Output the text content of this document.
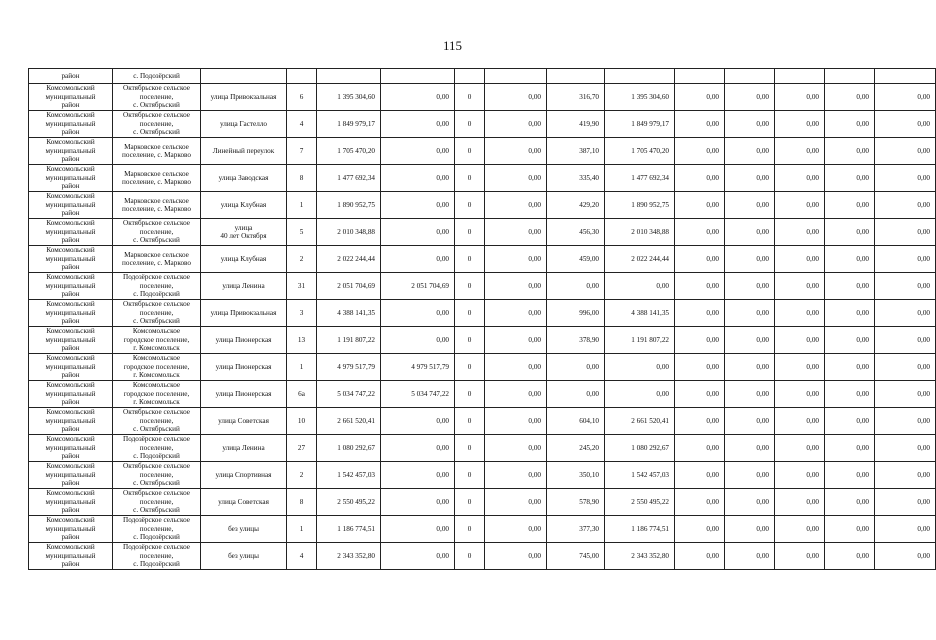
115
район	с. Подозёрский													
Комсомольский
муниципальный
район	Октябрьское сельское
поселение,
с. Октябрьский	улица Привокзальная	6	1 395 304,60	0,00	0	0,00	316,70	1 395 304,60	0,00	0,00	0,00	0,00	0,00
Комсомольский
муниципальный
район	Октябрьское сельское
поселение,
с. Октябрьский	улица Гастелло	4	1 849 979,17	0,00	0	0,00	419,90	1 849 979,17	0,00	0,00	0,00	0,00	0,00
Комсомольский
муниципальный
район	Марковское сельское
поселение, с. Марково	Линейный переулок	7	1 705 470,20	0,00	0	0,00	387,10	1 705 470,20	0,00	0,00	0,00	0,00	0,00
Комсомольский
муниципальный
район	Марковское сельское
поселение, с. Марково	улица Заводская	8	1 477 692,34	0,00	0	0,00	335,40	1 477 692,34	0,00	0,00	0,00	0,00	0,00
Комсомольский
муниципальный
район	Марковское сельское
поселение, с. Марково	улица Клубная	1	1 890 952,75	0,00	0	0,00	429,20	1 890 952,75	0,00	0,00	0,00	0,00	0,00
Комсомольский
муниципальный
район	Октябрьское сельское
поселение,
с. Октябрьский	улица
40 лет Октября	5	2 010 348,88	0,00	0	0,00	456,30	2 010 348,88	0,00	0,00	0,00	0,00	0,00
Комсомольский
муниципальный
район	Марковское сельское
поселение, с. Марково	улица Клубная	2	2 022 244,44	0,00	0	0,00	459,00	2 022 244,44	0,00	0,00	0,00	0,00	0,00
Комсомольский
муниципальный
район	Подозёрское сельское
поселение,
с. Подозёрский	улица Ленина	31	2 051 704,69	2 051 704,69	0	0,00	0,00	0,00	0,00	0,00	0,00	0,00	0,00
Комсомольский
муниципальный
район	Октябрьское сельское
поселение,
с. Октябрьский	улица Привокзальная	3	4 388 141,35	0,00	0	0,00	996,00	4 388 141,35	0,00	0,00	0,00	0,00	0,00
Комсомольский
муниципальный
район	Комсомольское
городское поселение,
г. Комсомольск	улица Пионерская	13	1 191 807,22	0,00	0	0,00	378,90	1 191 807,22	0,00	0,00	0,00	0,00	0,00
Комсомольский
муниципальный
район	Комсомольское
городское поселение,
г. Комсомольск	улица Пионерская	1	4 979 517,79	4 979 517,79	0	0,00	0,00	0,00	0,00	0,00	0,00	0,00	0,00
Комсомольский
муниципальный
район	Комсомольское
городское поселение,
г. Комсомольск	улица Пионерская	6а	5 034 747,22	5 034 747,22	0	0,00	0,00	0,00	0,00	0,00	0,00	0,00	0,00
Комсомольский
муниципальный
район	Октябрьское сельское
поселение,
с. Октябрьский	улица Советская	10	2 661 520,41	0,00	0	0,00	604,10	2 661 520,41	0,00	0,00	0,00	0,00	0,00
Комсомольский
муниципальный
район	Подозёрское сельское
поселение,
с. Подозёрский	улица Ленина	27	1 080 292,67	0,00	0	0,00	245,20	1 080 292,67	0,00	0,00	0,00	0,00	0,00
Комсомольский
муниципальный
район	Октябрьское сельское
поселение,
с. Октябрьский	улица Спортивная	2	1 542 457,03	0,00	0	0,00	350,10	1 542 457,03	0,00	0,00	0,00	0,00	0,00
Комсомольский
муниципальный
район	Октябрьское сельское
поселение,
с. Октябрьский	улица Советская	8	2 550 495,22	0,00	0	0,00	578,90	2 550 495,22	0,00	0,00	0,00	0,00	0,00
Комсомольский
муниципальный
район	Подозёрское сельское
поселение,
с. Подозёрский	без улицы	1	1 186 774,51	0,00	0	0,00	377,30	1 186 774,51	0,00	0,00	0,00	0,00	0,00
Комсомольский
муниципальный
район	Подозёрское сельское
поселение,
с. Подозёрский	без улицы	4	2 343 352,80	0,00	0	0,00	745,00	2 343 352,80	0,00	0,00	0,00	0,00	0,00
